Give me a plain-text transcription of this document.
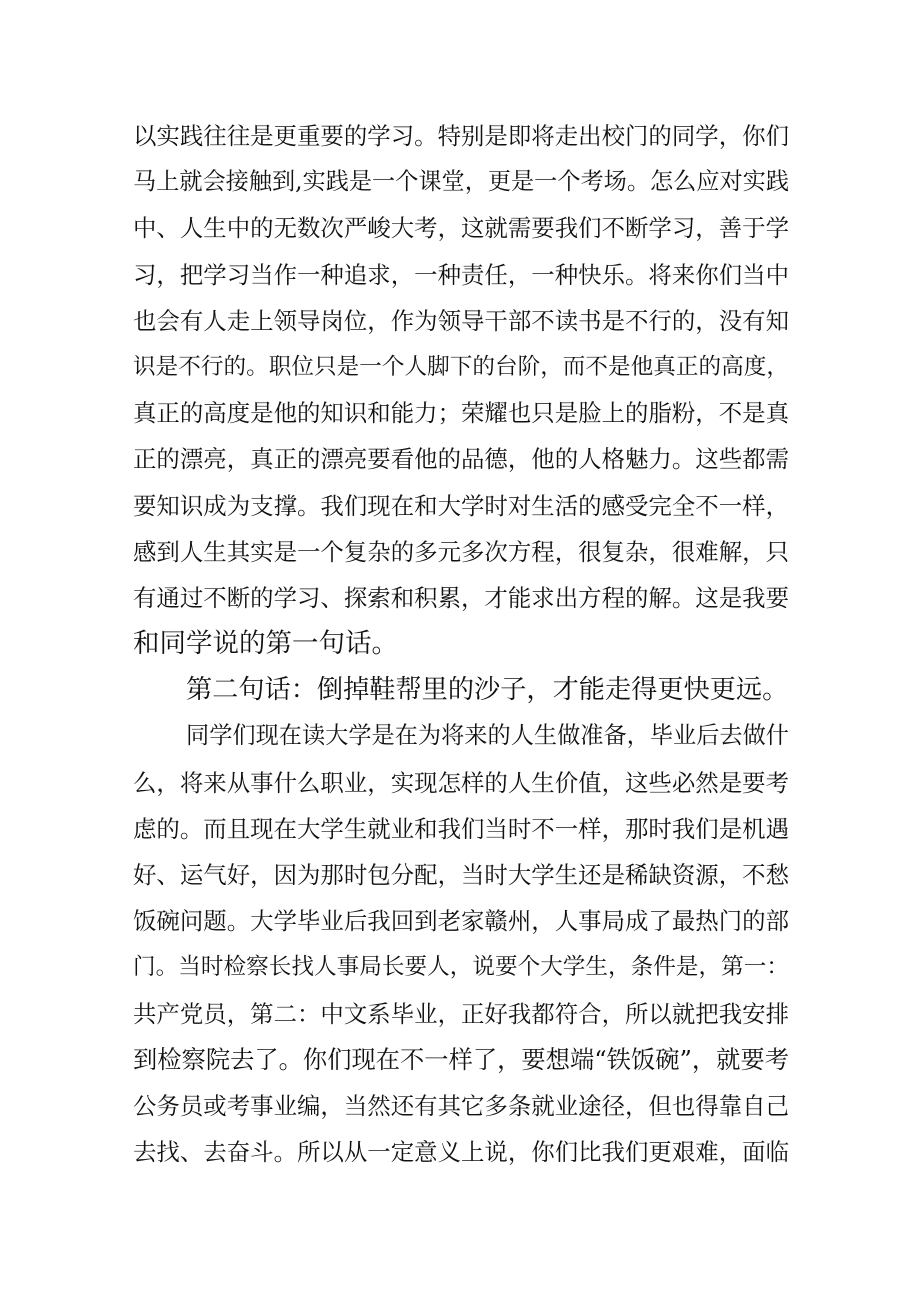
以实践往往是更重要的学习。特别是即将走出校门的同学，你们
马上就会接触到,实践是一个课堂，更是一个考场。怎么应对实践
中、人生中的无数次严峻大考，这就需要我们不断学习，善于学
习，把学习当作一种追求，一种责任，一种快乐。将来你们当中
也会有人走上领导岗位，作为领导干部不读书是不行的，没有知
识是不行的。职位只是一个人脚下的台阶，而不是他真正的高度，
真正的高度是他的知识和能力；荣耀也只是脸上的脂粉，不是真
正的漂亮，真正的漂亮要看他的品德，他的人格魅力。这些都需
要知识成为支撑。我们现在和大学时对生活的感受完全不一样，
感到人生其实是一个复杂的多元多次方程，很复杂，很难解，只
有通过不断的学习、探索和积累，才能求出方程的解。这是我要
和同学说的第一句话。
第二句话：倒掉鞋帮里的沙子，才能走得更快更远。
同学们现在读大学是在为将来的人生做准备，毕业后去做什
么，将来从事什么职业，实现怎样的人生价值，这些必然是要考
虑的。而且现在大学生就业和我们当时不一样，那时我们是机遇
好、运气好，因为那时包分配，当时大学生还是稀缺资源，不愁
饭碗问题。大学毕业后我回到老家赣州，人事局成了最热门的部
门。当时检察长找人事局长要人，说要个大学生，条件是，第一：
共产党员，第二：中文系毕业，正好我都符合，所以就把我安排
到检察院去了。你们现在不一样了，要想端“铁饭碗”，就要考
公务员或考事业编，当然还有其它多条就业途径，但也得靠自己
去找、去奋斗。所以从一定意义上说，你们比我们更艰难，面临
